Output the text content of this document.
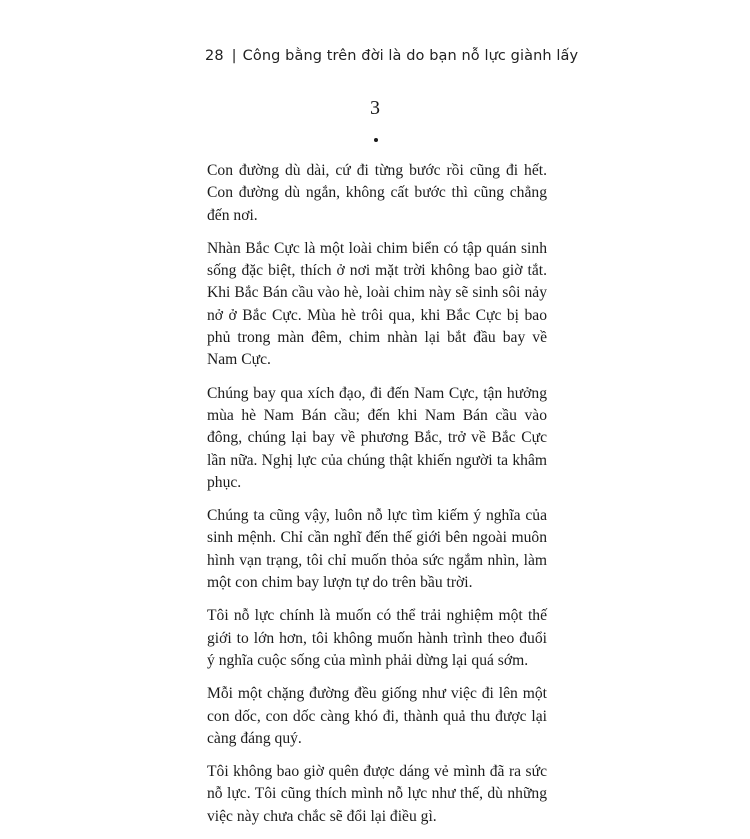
28 | Công bằng trên đời là do bạn nỗ lực giành lấy
3

Con đường dù dài, cứ đi từng bước rồi cũng đi hết. Con đường dù ngắn, không cất bước thì cũng chẳng đến nơi.

Nhàn Bắc Cực là một loài chim biển có tập quán sinh sống đặc biệt, thích ở nơi mặt trời không bao giờ tắt. Khi Bắc Bán cầu vào hè, loài chim này sẽ sinh sôi nảy nở ở Bắc Cực. Mùa hè trôi qua, khi Bắc Cực bị bao phủ trong màn đêm, chim nhàn lại bắt đầu bay về Nam Cực.

Chúng bay qua xích đạo, đi đến Nam Cực, tận hưởng mùa hè Nam Bán cầu; đến khi Nam Bán cầu vào đông, chúng lại bay về phương Bắc, trở về Bắc Cực lần nữa. Nghị lực của chúng thật khiến người ta khâm phục.

Chúng ta cũng vậy, luôn nỗ lực tìm kiếm ý nghĩa của sinh mệnh. Chỉ cần nghĩ đến thế giới bên ngoài muôn hình vạn trạng, tôi chỉ muốn thỏa sức ngắm nhìn, làm một con chim bay lượn tự do trên bầu trời.

Tôi nỗ lực chính là muốn có thể trải nghiệm một thế giới to lớn hơn, tôi không muốn hành trình theo đuổi ý nghĩa cuộc sống của mình phải dừng lại quá sớm.

Mỗi một chặng đường đều giống như việc đi lên một con dốc, con dốc càng khó đi, thành quả thu được lại càng đáng quý.

Tôi không bao giờ quên được dáng vẻ mình đã ra sức nỗ lực. Tôi cũng thích mình nỗ lực như thế, dù những việc này chưa chắc sẽ đổi lại điều gì.
